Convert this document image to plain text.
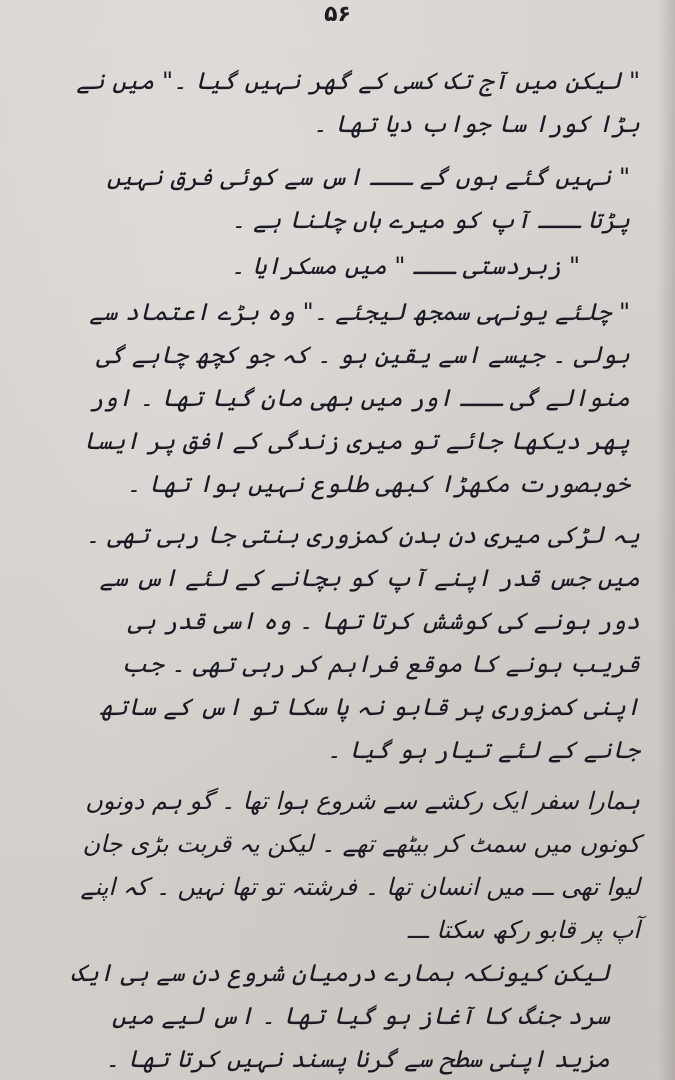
۵۶

" لیکن میں آج تک کسی کے گھر نہیں گیا ۔" میں نے بڑا کورا سا جواب دیا تھا ۔

" نہیں گئے ہوں گے ـــ اس سے کوئی فرق نہیں پڑتا ـــ آپ کو میرے ہاں چلنا ہے ۔

" زبردستی ـــ " میں مسکرایا ۔

" چلئے یونہی سمجھ لیجئے ۔" وہ بڑے اعتماد سے بولی ۔ جیسے اسے یقین ہو ۔ کہ جو کچھ چاہے گی منوالے گی ـــ اور میں بھی مان گیا تھا ۔ اور پھر دیکھا جائے تو میری زندگی کے افق پر ایسا خوبصورت مکھڑا کبھی طلوع نہیں ہوا تھا ۔

یہ لڑکی میری دن بدن کمزوری بنتی جا رہی تھی ۔ میں جس قدر اپنے آپ کو بچانے کے لئے اس سے دور ہونے کی کوشش کرتا تھا ۔ وہ اسی قدر ہی قریب ہونے کا موقع فراہم کر رہی تھی ۔ جب اپنی کمزوری پر قابو نہ پا سکا تو اس کے ساتھ جانے کے لئے تیار ہو گیا ۔

ہمارا سفر ایک رکشے سے شروع ہوا تھا ۔ گو ہم دونوں کونوں میں سمٹ کر بیٹھے تھے ۔ لیکن یہ قربت بڑی جان لیوا تھی ـــ میں انسان تھا ۔ فرشتہ تو تھا نہیں ۔ کہ اپنے آپ پر قابو رکھ سکتا ـــ

لیکن کیونکہ ہمارے درمیان شروع دن سے ہی ایک سرد جنگ کا آغاز ہو گیا تھا ۔ اس لیے میں مزید اپنی سطح سے گرنا پسند نہیں کرتا تھا ۔
